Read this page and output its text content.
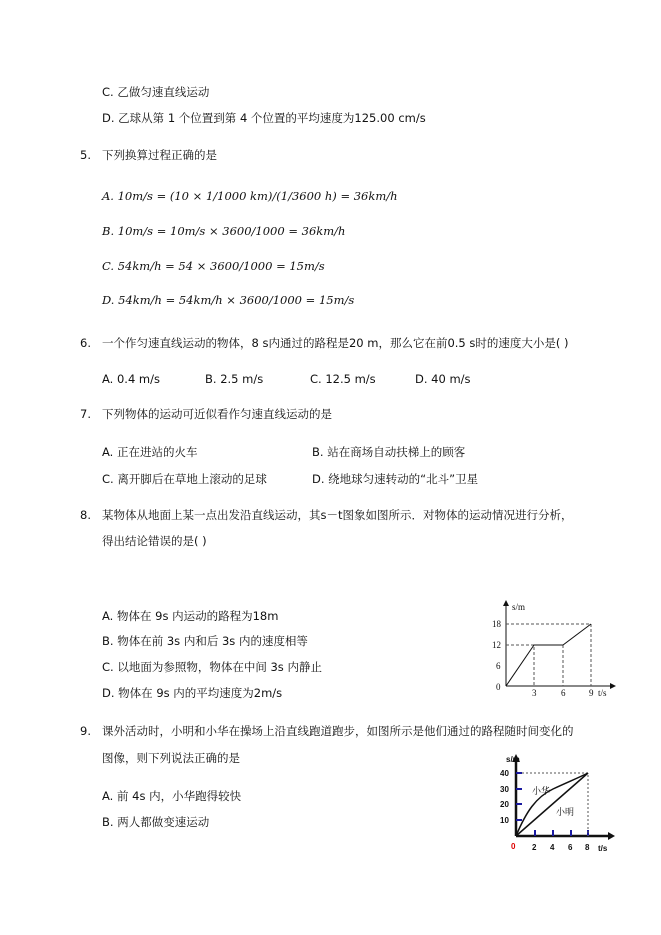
C. 乙做匀速直线运动
D. 乙球从第 1 个位置到第 4 个位置的平均速度为125.00 cm/s
5. 下列换算过程正确的是
A. 10m/s = (10 × 1/1000 km)/(1/3600 h) = 36km/h
B. 10m/s = 10m/s × 3600/1000 = 36km/h
C. 54km/h = 54 × 3600/1000 = 15m/s
D. 54km/h = 54km/h × 3600/1000 = 15m/s
6. 一个作匀速直线运动的物体，8 s内通过的路程是20 m，那么它在前0.5 s时的速度大小是( )
A. 0.4 m/s	B. 2.5 m/s	C. 12.5 m/s	D. 40 m/s
7. 下列物体的运动可近似看作匀速直线运动的是
A. 正在进站的火车	B. 站在商场自动扶梯上的顾客
C. 离开脚后在草地上滚动的足球	D. 绕地球匀速转动的“北斗”卫星
8. 某物体从地面上某一点出发沿直线运动，其s－t图象如图所示．对物体的运动情况进行分析，
得出结论错误的是( )
A. 物体在 9s 内运动的路程为18m
B. 物体在前 3s 内和后 3s 内的速度相等
C. 以地面为参照物，物体在中间 3s 内静止
D. 物体在 9s 内的平均速度为2m/s
s/m
t/s
0
6
12
18
3	6	9
9. 课外活动时，小明和小华在操场上沿直线跑道跑步，如图所示是他们通过的路程随时间变化的
图像，则下列说法正确的是
A. 前 4s 内，小华跑得较快
B. 两人都做变速运动
s/m
t/s
10
20
30
40
2 4 6 8
0
小华
小明
